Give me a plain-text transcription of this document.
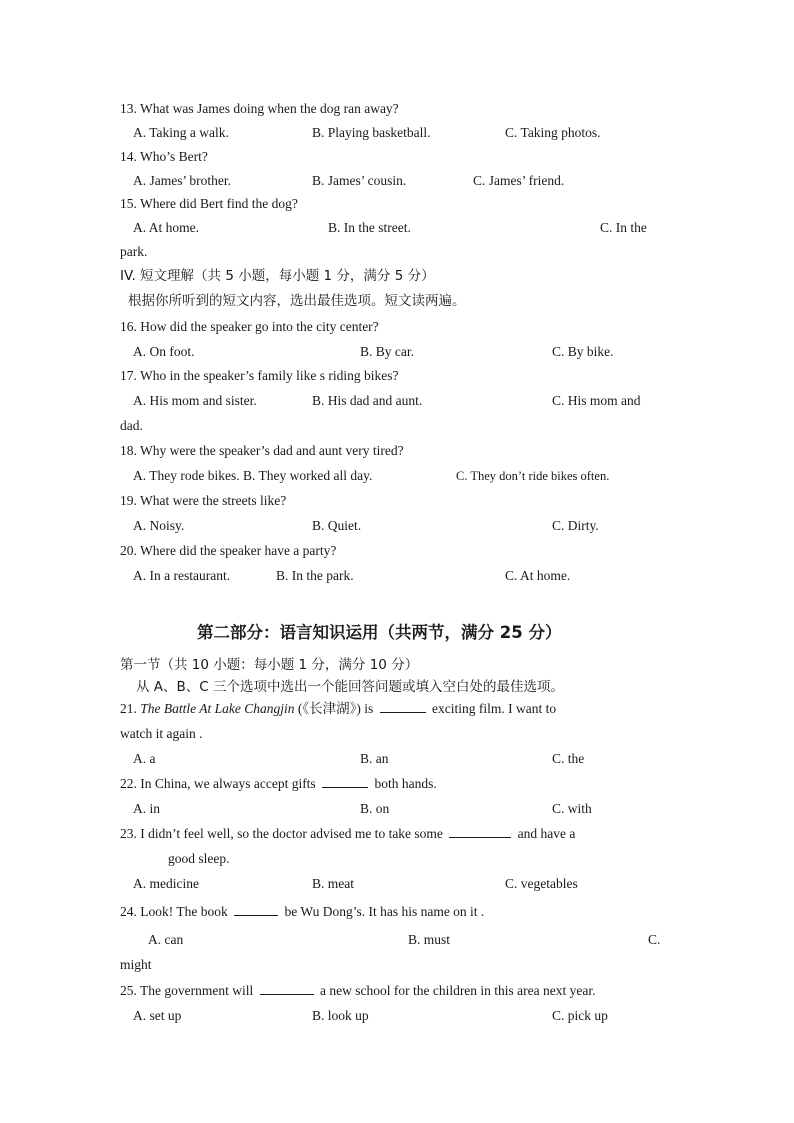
13. What was James doing when the dog ran away?
A. Taking a walk.	B. Playing basketball.	C. Taking photos.
14. Who’s Bert?
A. James’ brother.	B. James’ cousin.	C. James’ friend.
15. Where did Bert find the dog?
A. At home.	B. In the street.	C. In the
park.
IV. 短文理解（共 5 小题，每小题 1 分，满分 5 分）
根据你所听到的短文内容，选出最佳选项。短文读两遍。
16. How did the speaker go into the city center?
A. On foot.	B. By car.	C. By bike.
17. Who in the speaker’s family like s riding bikes?
A. His mom and sister.	B. His dad and aunt.	C. His mom and
dad.
18. Why were the speaker’s dad and aunt very tired?
A. They rode bikes. B. They worked all day.	C. They don’t ride bikes often.
19. What were the streets like?
A. Noisy.	B. Quiet.	C. Dirty.
20. Where did the speaker have a party?
A. In a restaurant.	B. In the park.	C. At home.
第二部分：语言知识运用（共两节，满分 25 分）
第一节（共 10 小题：每小题 1 分，满分 10 分）
从 A、B、C 三个选项中选出一个能回答问题或填入空白处的最佳选项。
21. The Battle At Lake Changjin (《长津湖》) is	exciting film. I want to
watch it again .
A. a	B. an	C. the
22. In China, we always accept gifts	both hands.
A. in	B. on	C. with
23. I didn’t feel well, so the doctor advised me to take some	and have a
good sleep.
A. medicine	B. meat	C. vegetables
24. Look! The book	be Wu Dong’s. It has his name on it .
A. can	B. must	C.
might
25. The government will	a new school for the children in this area next year.
A. set up	B. look up	C. pick up
